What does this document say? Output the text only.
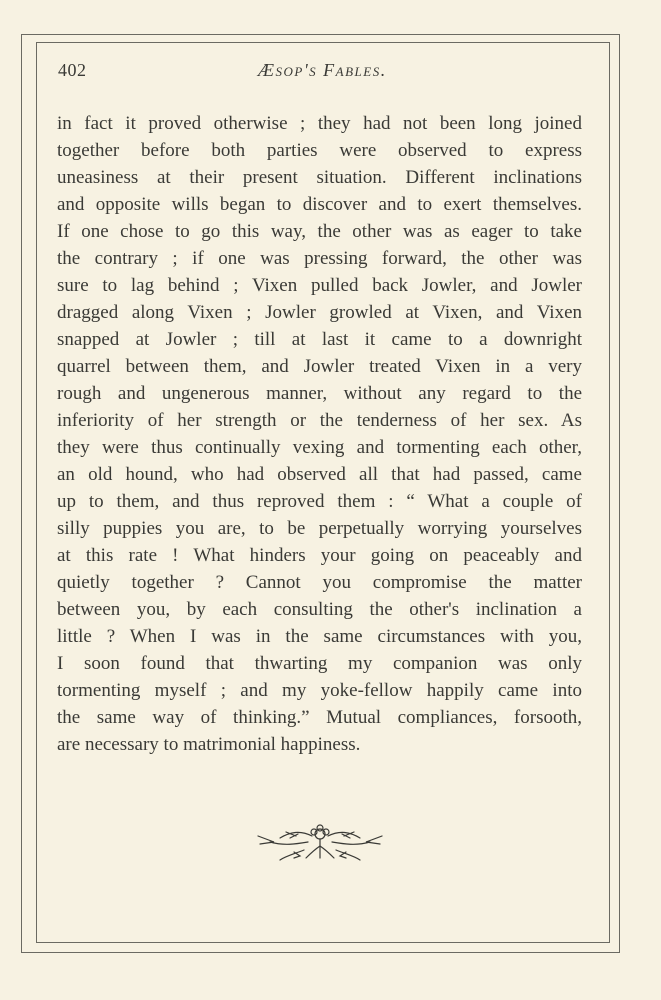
402	Æsop's Fables.
in fact it proved otherwise ; they had not been long joined
together before both parties were observed to express
uneasiness at their present situation. Different inclinations
and opposite wills began to discover and to exert themselves.
If one chose to go this way, the other was as eager to take
the contrary ; if one was pressing forward, the other was
sure to lag behind ; Vixen pulled back Jowler, and Jowler
dragged along Vixen ; Jowler growled at Vixen, and Vixen
snapped at Jowler ; till at last it came to a downright
quarrel between them, and Jowler treated Vixen in a very
rough and ungenerous manner, without any regard to the
inferiority of her strength or the tenderness of her sex. As
they were thus continually vexing and tormenting each other,
an old hound, who had observed all that had passed, came
up to them, and thus reproved them : “ What a couple of
silly puppies you are, to be perpetually worrying yourselves
at this rate ! What hinders your going on peaceably and
quietly together ? Cannot you compromise the matter
between you, by each consulting the other's inclination a
little ? When I was in the same circumstances with you,
I soon found that thwarting my companion was only
tormenting myself ; and my yoke-fellow happily came into
the same way of thinking.” Mutual compliances, forsooth,
are necessary to matrimonial happiness.
